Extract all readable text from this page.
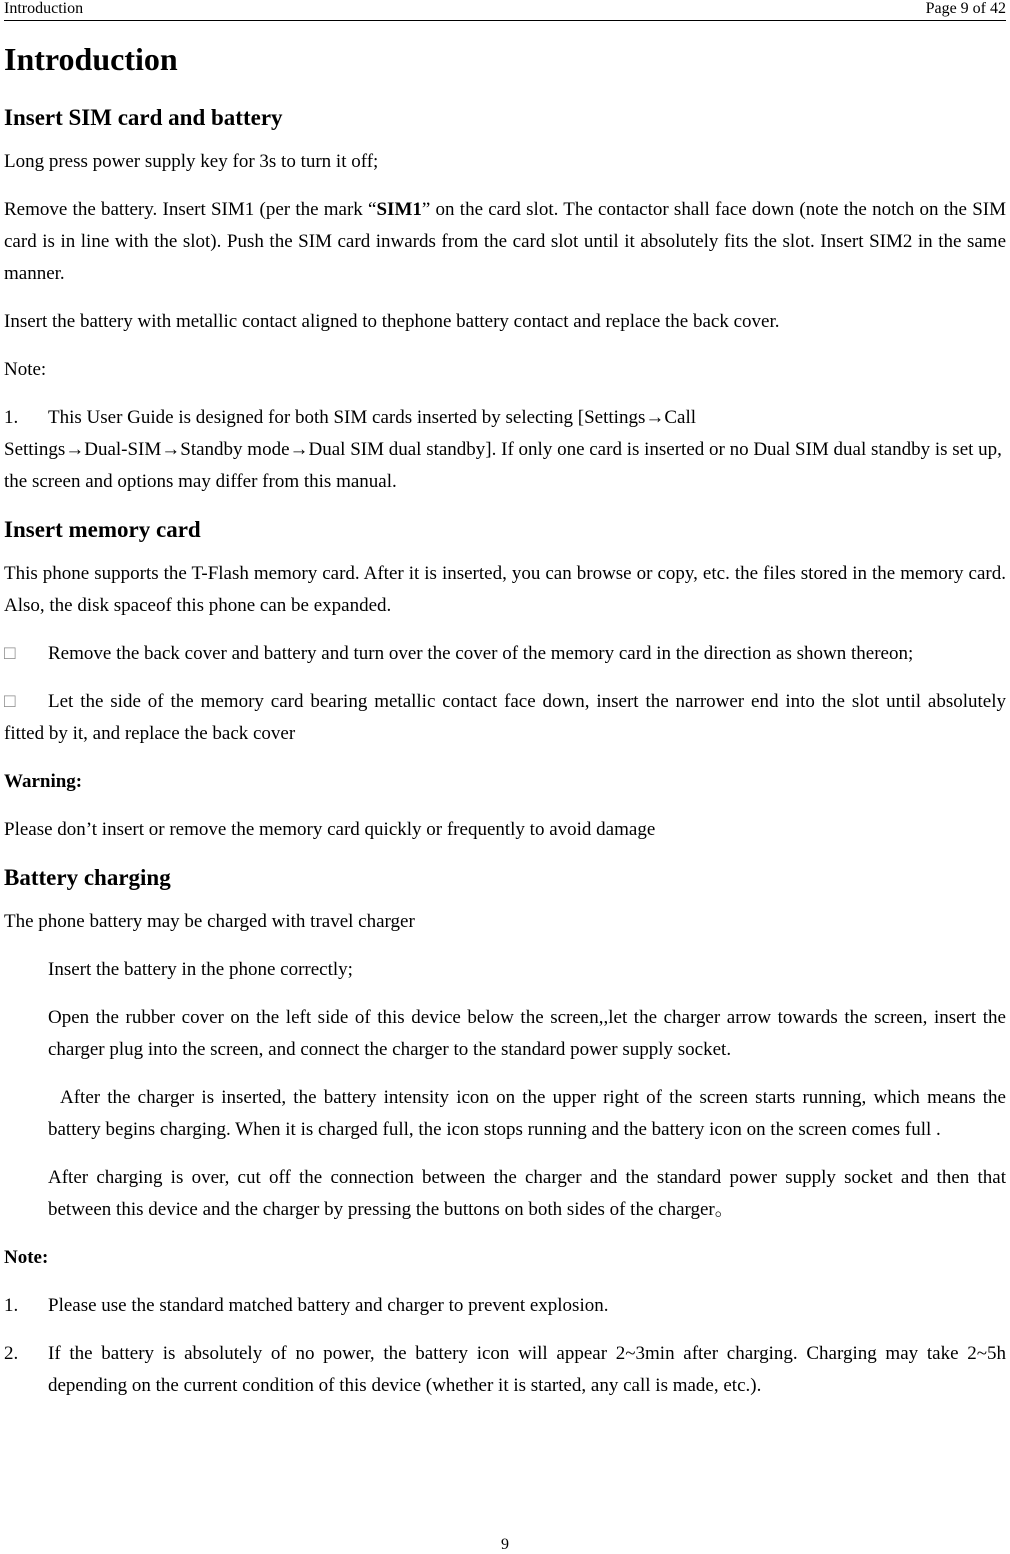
Introduction	Page 9 of 42
Introduction
Insert SIM card and battery

Long press power supply key for 3s to turn it off;

Remove the battery. Insert SIM1 (per the mark “SIM1” on the card slot. The contactor shall face down (note the notch on the SIM card is in line with the slot). Push the SIM card inwards from the card slot until it absolutely fits the slot. Insert SIM2 in the same manner.

Insert the battery with metallic contact aligned to thephone battery contact and replace the back cover.

Note:

1. This User Guide is designed for both SIM cards inserted by selecting [Settings→Call
Settings→Dual-SIM→Standby mode→Dual SIM dual standby]. If only one card is inserted or no Dual SIM dual standby is set up, the screen and options may differ from this manual.

Insert memory card

This phone supports the T-Flash memory card. After it is inserted, you can browse or copy, etc. the files stored in the memory card. Also, the disk spaceof this phone can be expanded.

□ Remove the back cover and battery and turn over the cover of the memory card in the direction as shown thereon;

□ Let the side of the memory card bearing metallic contact face down, insert the narrower end into the slot until absolutely fitted by it, and replace the back cover

Warning:

Please don’t insert or remove the memory card quickly or frequently to avoid damage

Battery charging

The phone battery may be charged with travel charger

Insert the battery in the phone correctly;

Open the rubber cover on the left side of this device below the screen,,let the charger arrow towards the screen, insert the charger plug into the screen, and connect the charger to the standard power supply socket.

After the charger is inserted, the battery intensity icon on the upper right of the screen starts running, which means the battery begins charging. When it is charged full, the icon stops running and the battery icon on the screen comes full .

After charging is over, cut off the connection between the charger and the standard power supply socket and then that between this device and the charger by pressing the buttons on both sides of the charger。

Note:

1. Please use the standard matched battery and charger to prevent explosion.

2. If the battery is absolutely of no power, the battery icon will appear 2~3min after charging. Charging may take 2~5h depending on the current condition of this device (whether it is started, any call is made, etc.).

9
